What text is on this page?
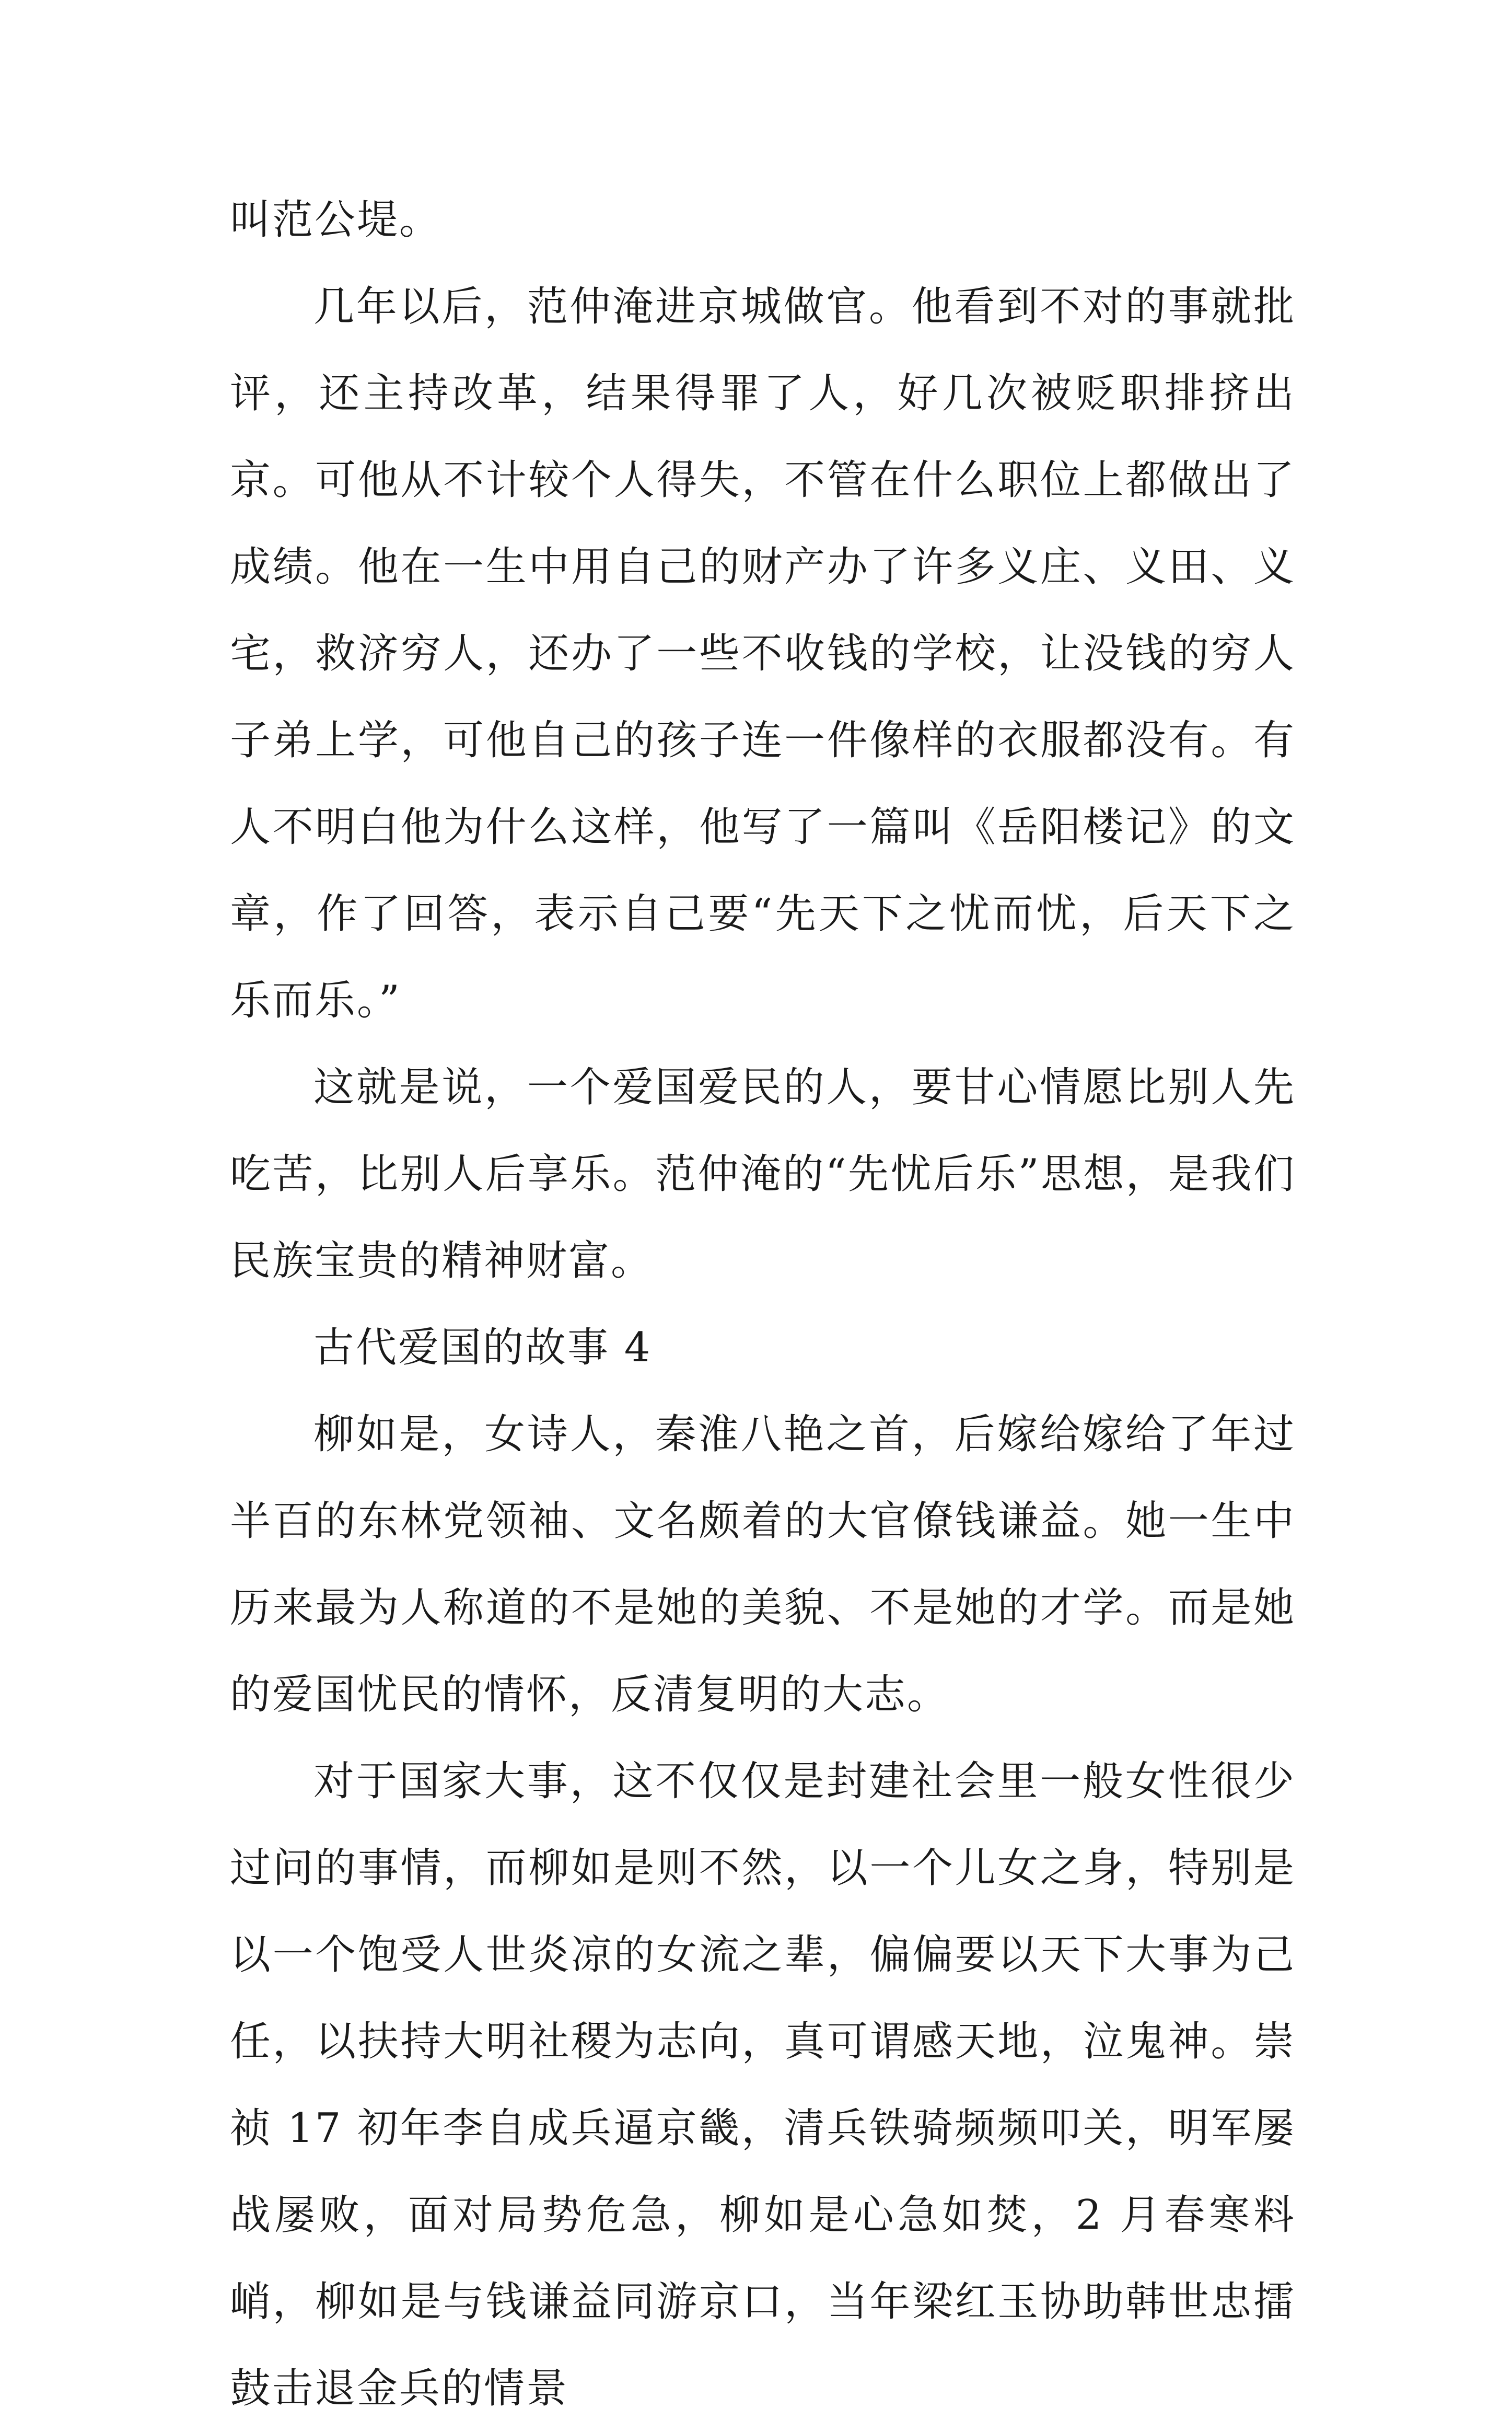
叫范公堤。

几年以后，范仲淹进京城做官。他看到不对的事就批评，还主持改革，结果得罪了人，好几次被贬职排挤出京。可他从不计较个人得失，不管在什么职位上都做出了成绩。他在一生中用自己的财产办了许多义庄、义田、义宅，救济穷人，还办了一些不收钱的学校，让没钱的穷人子弟上学，可他自己的孩子连一件像样的衣服都没有。有人不明白他为什么这样，他写了一篇叫《岳阳楼记》的文章，作了回答，表示自己要“先天下之忧而忧，后天下之乐而乐。”

这就是说，一个爱国爱民的人，要甘心情愿比别人先吃苦，比别人后享乐。范仲淹的“先忧后乐”思想，是我们民族宝贵的精神财富。

古代爱国的故事 4

柳如是，女诗人，秦淮八艳之首，后嫁给嫁给了年过半百的东林党领袖、文名颇着的大官僚钱谦益。她一生中历来最为人称道的不是她的美貌、不是她的才学。而是她的爱国忧民的情怀，反清复明的大志。

对于国家大事，这不仅仅是封建社会里一般女性很少过问的事情，而柳如是则不然，以一个儿女之身，特别是以一个饱受人世炎凉的女流之辈，偏偏要以天下大事为己任，以扶持大明社稷为志向，真可谓感天地，泣鬼神。崇祯 17 初年李自成兵逼京畿，清兵铁骑频频叩关，明军屡战屡败，面对局势危急，柳如是心急如焚，2 月春寒料峭，柳如是与钱谦益同游京口，当年梁红玉协助韩世忠擂鼓击退金兵的情景
